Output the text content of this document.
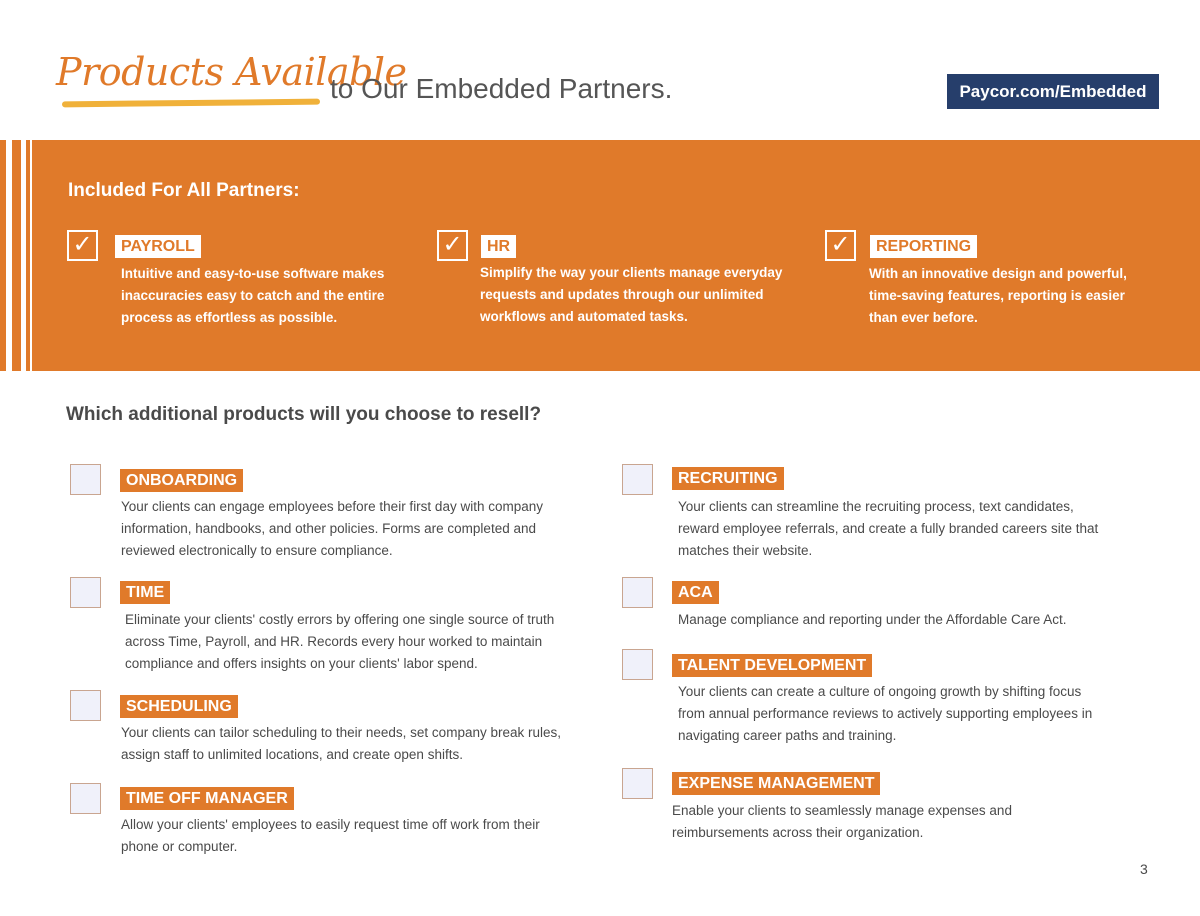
Products Available
to Our Embedded Partners.	Paycor.com/Embedded
Included For All Partners:
✓	PAYROLL
Intuitive and easy-to-use software makes inaccuracies easy to catch and the entire process as effortless as possible.
✓	HR
Simplify the way your clients manage everyday requests and updates through our unlimited workflows and automated tasks.
✓	REPORTING
With an innovative design and powerful, time-saving features, reporting is easier than ever before.
Which additional products will you choose to resell?
ONBOARDING
Your clients can engage employees before their first day with company information, handbooks, and other policies. Forms are completed and reviewed electronically to ensure compliance.
TIME
Eliminate your clients' costly errors by offering one single source of truth across Time, Payroll, and HR. Records every hour worked to maintain compliance and offers insights on your clients' labor spend.
SCHEDULING
Your clients can tailor scheduling to their needs, set company break rules, assign staff to unlimited locations, and create open shifts.
TIME OFF MANAGER
Allow your clients' employees to easily request time off work from their phone or computer.
RECRUITING
Your clients can streamline the recruiting process, text candidates, reward employee referrals, and create a fully branded careers site that matches their website.
ACA
Manage compliance and reporting under the Affordable Care Act.
TALENT DEVELOPMENT
Your clients can create a culture of ongoing growth by shifting focus from annual performance reviews to actively supporting employees in navigating career paths and training.
EXPENSE MANAGEMENT
Enable your clients to seamlessly manage expenses and reimbursements across their organization.
3
